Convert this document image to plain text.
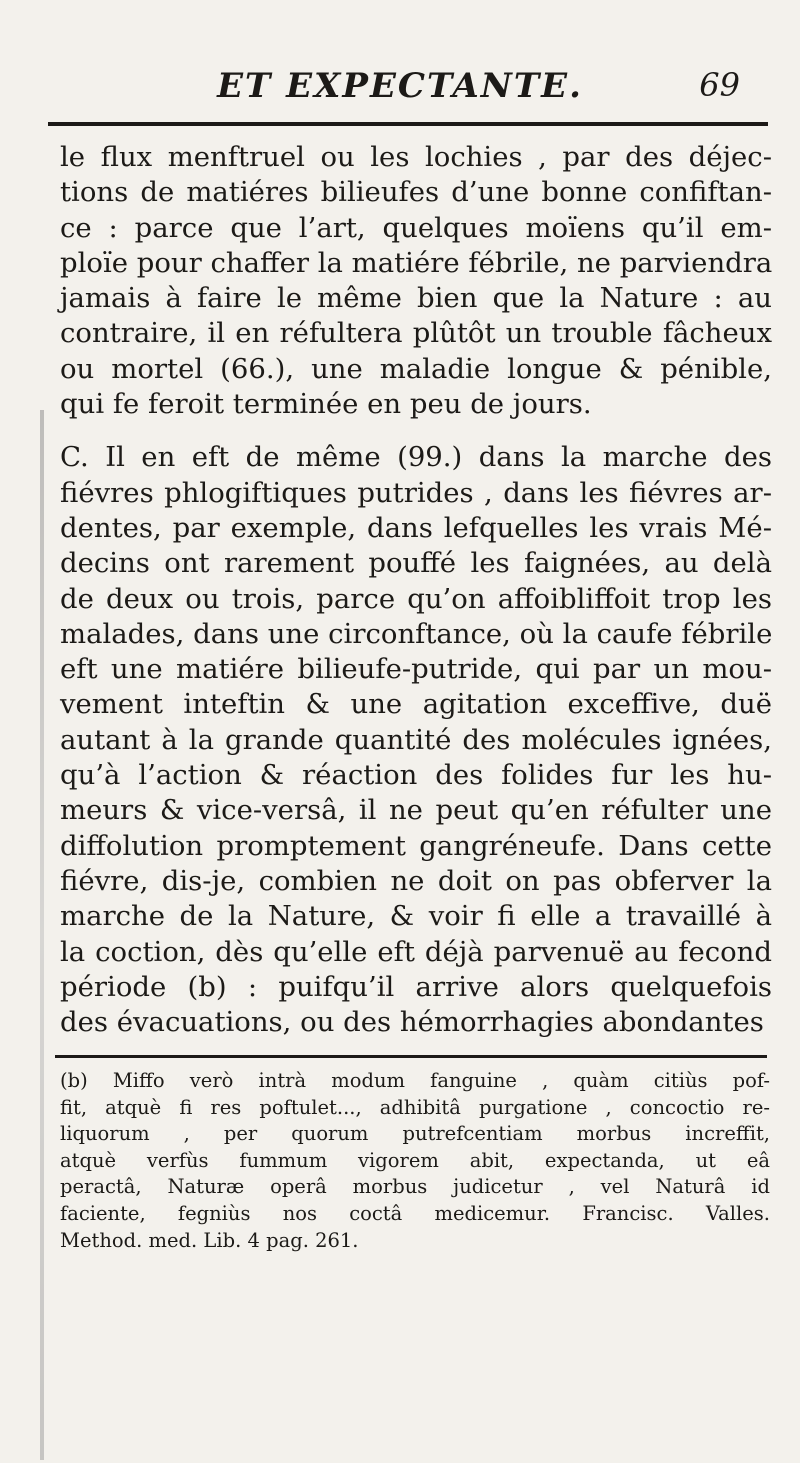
ET EXPECTANTE.	69
le flux menftruel ou les lochies , par des déjec-
tions de matiéres bilieufes d’une bonne confiftan-
ce : parce que l’art, quelques moïens qu’il em-
ploïe pour chaffer la matiére fébrile, ne parviendra
jamais à faire le même bien que la Nature : au
contraire, il en réfultera plûtôt un trouble fâcheux
ou mortel (66.), une maladie longue & pénible,
qui fe feroit terminée en peu de jours.
C. Il en eft de même (99.) dans la marche des
fiévres phlogiftiques putrides , dans les fiévres ar-
dentes, par exemple, dans lefquelles les vrais Mé-
decins ont rarement pouffé les faignées, au delà
de deux ou trois, parce qu’on affoibliffoit trop les
malades, dans une circonftance, où la caufe fébrile
eft une matiére bilieufe-putride, qui par un mou-
vement inteftin & une agitation exceffive, duë
autant à la grande quantité des molécules ignées,
qu’à l’action & réaction des folides fur les hu-
meurs & vice-versâ, il ne peut qu’en réfulter une
diffolution promptement gangréneufe. Dans cette
fiévre, dis-je, combien ne doit on pas obferver la
marche de la Nature, & voir fi elle a travaillé à
la coction, dès qu’elle eft déjà parvenuë au fecond
période (b) : puifqu’il arrive alors quelquefois
des évacuations, ou des hémorrhagies abondantes
(b) Miffo verò intrà modum fanguine , quàm citiùs pof-
fit, atquè fi res poftulet..., adhibitâ purgatione , concoctio re-
liquorum , per quorum putrefcentiam morbus increffit,
atquè verfùs fummum vigorem abit, expectanda, ut eâ
peractâ, Naturæ operâ morbus judicetur , vel Naturâ id
faciente, fegniùs nos coctâ medicemur. Francisc. Valles.
Method. med. Lib. 4 pag. 261.
